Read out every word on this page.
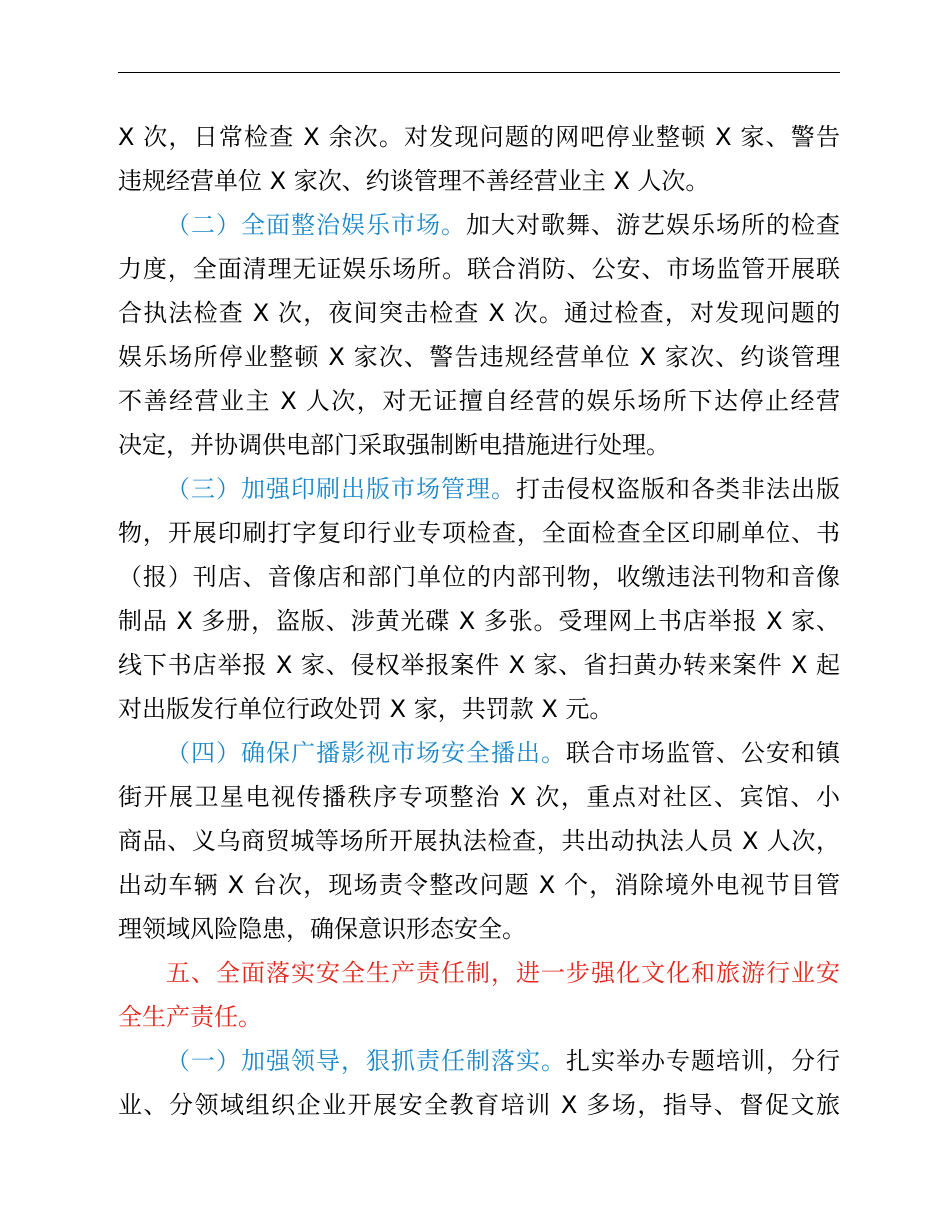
X 次，日常检查 X 余次。对发现问题的网吧停业整顿 X 家、警告
违规经营单位 X 家次、约谈管理不善经营业主 X 人次。
（二）全面整治娱乐市场。加大对歌舞、游艺娱乐场所的检查
力度，全面清理无证娱乐场所。联合消防、公安、市场监管开展联
合执法检查 X 次，夜间突击检查 X 次。通过检查，对发现问题的
娱乐场所停业整顿 X 家次、警告违规经营单位 X 家次、约谈管理
不善经营业主 X 人次，对无证擅自经营的娱乐场所下达停止经营
决定，并协调供电部门采取强制断电措施进行处理。
（三）加强印刷出版市场管理。打击侵权盗版和各类非法出版
物，开展印刷打字复印行业专项检查，全面检查全区印刷单位、书
（报）刊店、音像店和部门单位的内部刊物，收缴违法刊物和音像
制品 X 多册，盗版、涉黄光碟 X 多张。受理网上书店举报 X 家、
线下书店举报 X 家、侵权举报案件 X 家、省扫黄办转来案件 X 起
对出版发行单位行政处罚 X 家，共罚款 X 元。
（四）确保广播影视市场安全播出。联合市场监管、公安和镇
街开展卫星电视传播秩序专项整治 X 次，重点对社区、宾馆、小
商品、义乌商贸城等场所开展执法检查，共出动执法人员 X 人次，
出动车辆 X 台次，现场责令整改问题 X 个，消除境外电视节目管
理领域风险隐患，确保意识形态安全。
五、全面落实安全生产责任制，进一步强化文化和旅游行业安
全生产责任。
（一）加强领导，狠抓责任制落实。扎实举办专题培训，分行
业、分领域组织企业开展安全教育培训 X 多场，指导、督促文旅
